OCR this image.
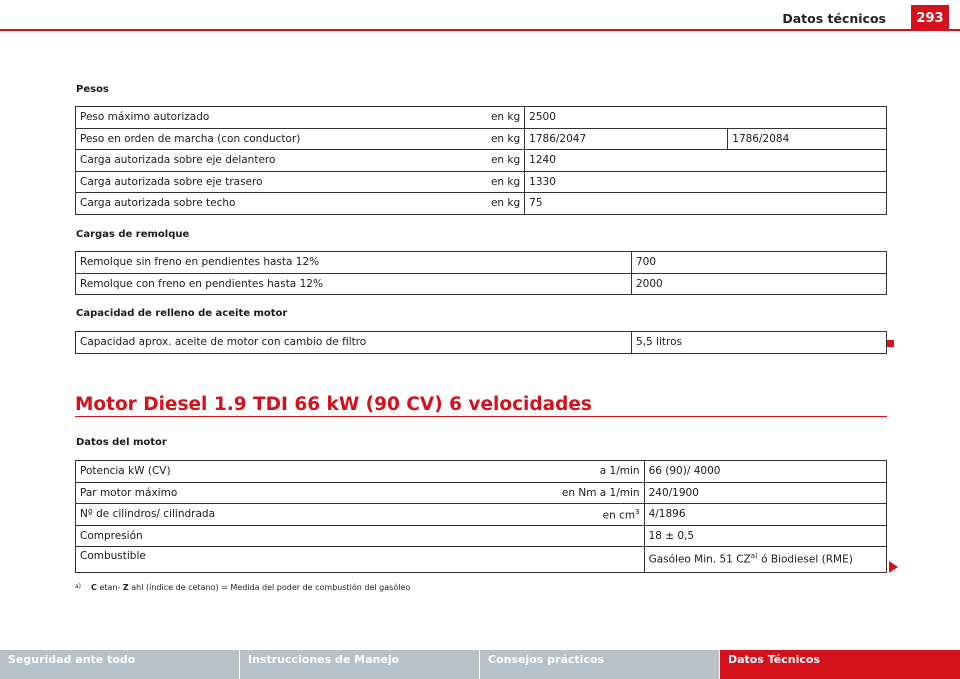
Datos técnicos	293
Pesos
Peso máximo autorizado	en kg	2500	
Peso en orden de marcha (con conductor)	en kg	1786/2047	1786/2084
Carga autorizada sobre eje delantero	en kg	1240	
Carga autorizada sobre eje trasero	en kg	1330	
Carga autorizada sobre techo	en kg	75	
Cargas de remolque
Remolque sin freno en pendientes hasta 12%		700
Remolque con freno en pendientes hasta 12%		2000
Capacidad de relleno de aceite motor
Capacidad aprox. aceite de motor con cambio de filtro		5,5 litros
Motor Diesel 1.9 TDI 66 kW (90 CV) 6 velocidades
Datos del motor
Potencia kW (CV)	a 1/min	66 (90)/ 4000
Par motor máximo	en Nm a 1/min	240/1900
Nº de cilindros/ cilindrada	en $cm^3$	4/1896
Compresión		18 ± 0,5
Combustible		Gasóleo Min. 51 CZ$^{a)}$ ó Biodiesel (RME)
$^{a)}$ C etan- Z ahl (índice de cetano) = Medida del poder de combustión del gasóleo
Seguridad ante todo	Instrucciones de Manejo	Consejos prácticos	Datos Técnicos
